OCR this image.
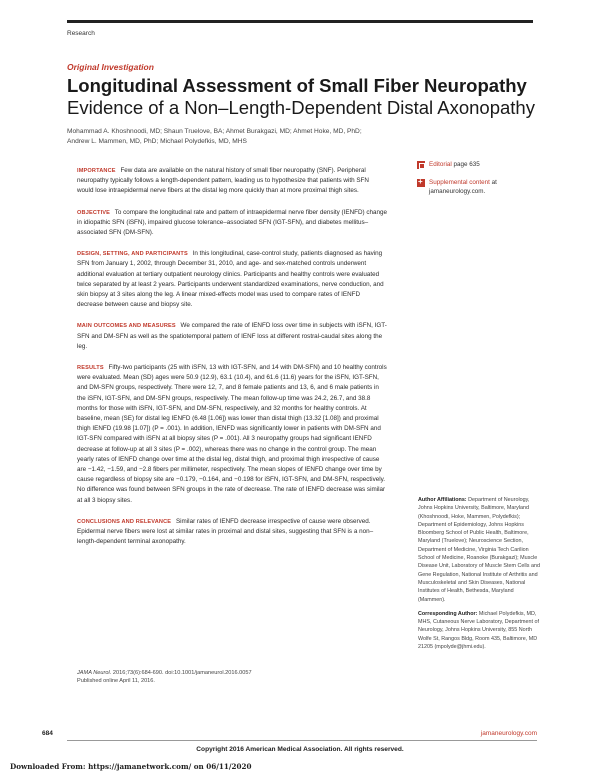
Research
Original Investigation
Longitudinal Assessment of Small Fiber Neuropathy
Evidence of a Non–Length-Dependent Distal Axonopathy
Mohammad A. Khoshnoodi, MD; Shaun Truelove, BA; Ahmet Burakgazi, MD; Ahmet Hoke, MD, PhD;
Andrew L. Mammen, MD, PhD; Michael Polydefkis, MD, MHS
IMPORTANCE Few data are available on the natural history of small fiber neuropathy (SNF). Peripheral neuropathy typically follows a length-dependent pattern, leading us to hypothesize that patients with SFN would lose intraepidermal nerve fibers at the distal leg more quickly than at more proximal thigh sites.
OBJECTIVE To compare the longitudinal rate and pattern of intraepidermal nerve fiber density (IENFD) change in idiopathic SFN (iSFN), impaired glucose tolerance–associated SFN (IGT-SFN), and diabetes mellitus–associated SFN (DM-SFN).
DESIGN, SETTING, AND PARTICIPANTS In this longitudinal, case-control study, patients diagnosed as having SFN from January 1, 2002, through December 31, 2010, and age- and sex-matched controls underwent additional evaluation at tertiary outpatient neurology clinics. Participants and healthy controls were evaluated twice separated by at least 2 years. Participants underwent standardized examinations, nerve conduction, and skin biopsy at 3 sites along the leg. A linear mixed-effects model was used to compare rates of IENFD decrease between cause and biopsy site.
MAIN OUTCOMES AND MEASURES We compared the rate of IENFD loss over time in subjects with iSFN, IGT-SFN and DM-SFN as well as the spatiotemporal pattern of IENF loss at different rostral-caudal sites along the leg.
RESULTS Fifty-two participants (25 with iSFN, 13 with IGT-SFN, and 14 with DM-SFN) and 10 healthy controls were evaluated. Mean (SD) ages were 50.9 (12.9), 63.1 (10.4), and 61.6 (11.6) years for the iSFN, IGT-SFN, and DM-SFN groups, respectively. There were 12, 7, and 8 female patients and 13, 6, and 6 male patients in the iSFN, IGT-SFN, and DM-SFN groups, respectively. The mean follow-up time was 24.2, 26.7, and 38.8 months for those with iSFN, IGT-SFN, and DM-SFN, respectively, and 32 months for healthy controls. At baseline, mean (SE) for distal leg IENFD (6.48 [1.06]) was lower than distal thigh (13.32 [1.08]) and proximal thigh IENFD (19.98 [1.07]) (P = .001). In addition, IENFD was significantly lower in patients with DM-SFN and IGT-SFN compared with iSFN at all biopsy sites (P = .001). All 3 neuropathy groups had significant IENFD decrease at follow-up at all 3 sites (P = .002), whereas there was no change in the control group. The mean yearly rates of IENFD change over time at the distal leg, distal thigh, and proximal thigh irrespective of cause are −1.42, −1.59, and −2.8 fibers per millimeter, respectively. The mean slopes of IENFD change over time by cause regardless of biopsy site are −0.179, −0.164, and −0.198 for iSFN, IGT-SFN, and DM-SFN, respectively. No difference was found between SFN groups in the rate of decrease. The rate of IENFD decrease was similar at all 3 biopsy sites.
CONCLUSIONS AND RELEVANCE Similar rates of IENFD decrease irrespective of cause were observed. Epidermal nerve fibers were lost at similar rates in proximal and distal sites, suggesting that SFN is a non–length-dependent terminal axonopathy.
Editorial page 635
+
Supplemental content at jamaneurology.com.
Author Affiliations: Department of Neurology, Johns Hopkins University, Baltimore, Maryland (Khoshnoodi, Hoke, Mammen, Polydefkis); Department of Epidemiology, Johns Hopkins Bloomberg School of Public Health, Baltimore, Maryland (Truelove); Neuroscience Section, Department of Medicine, Virginia Tech Carilion School of Medicine, Roanoke (Burakgazi); Muscle Disease Unit, Laboratory of Muscle Stem Cells and Gene Regulation, National Institute of Arthritis and Musculoskeletal and Skin Diseases, National Institutes of Health, Bethesda, Maryland (Mammen).
Corresponding Author: Michael Polydefkis, MD, MHS, Cutaneous Nerve Laboratory, Department of Neurology, Johns Hopkins University, 855 North Wolfe St, Rangos Bldg, Room 435, Baltimore, MD 21205 (mpolyde@jhmi.edu).
JAMA Neurol. 2016;73(6):684-690. doi:10.1001/jamaneurol.2016.0057
Published online April 11, 2016.
684	jamaneurology.com
Copyright 2016 American Medical Association. All rights reserved.
Downloaded From: https://jamanetwork.com/ on 06/11/2020
